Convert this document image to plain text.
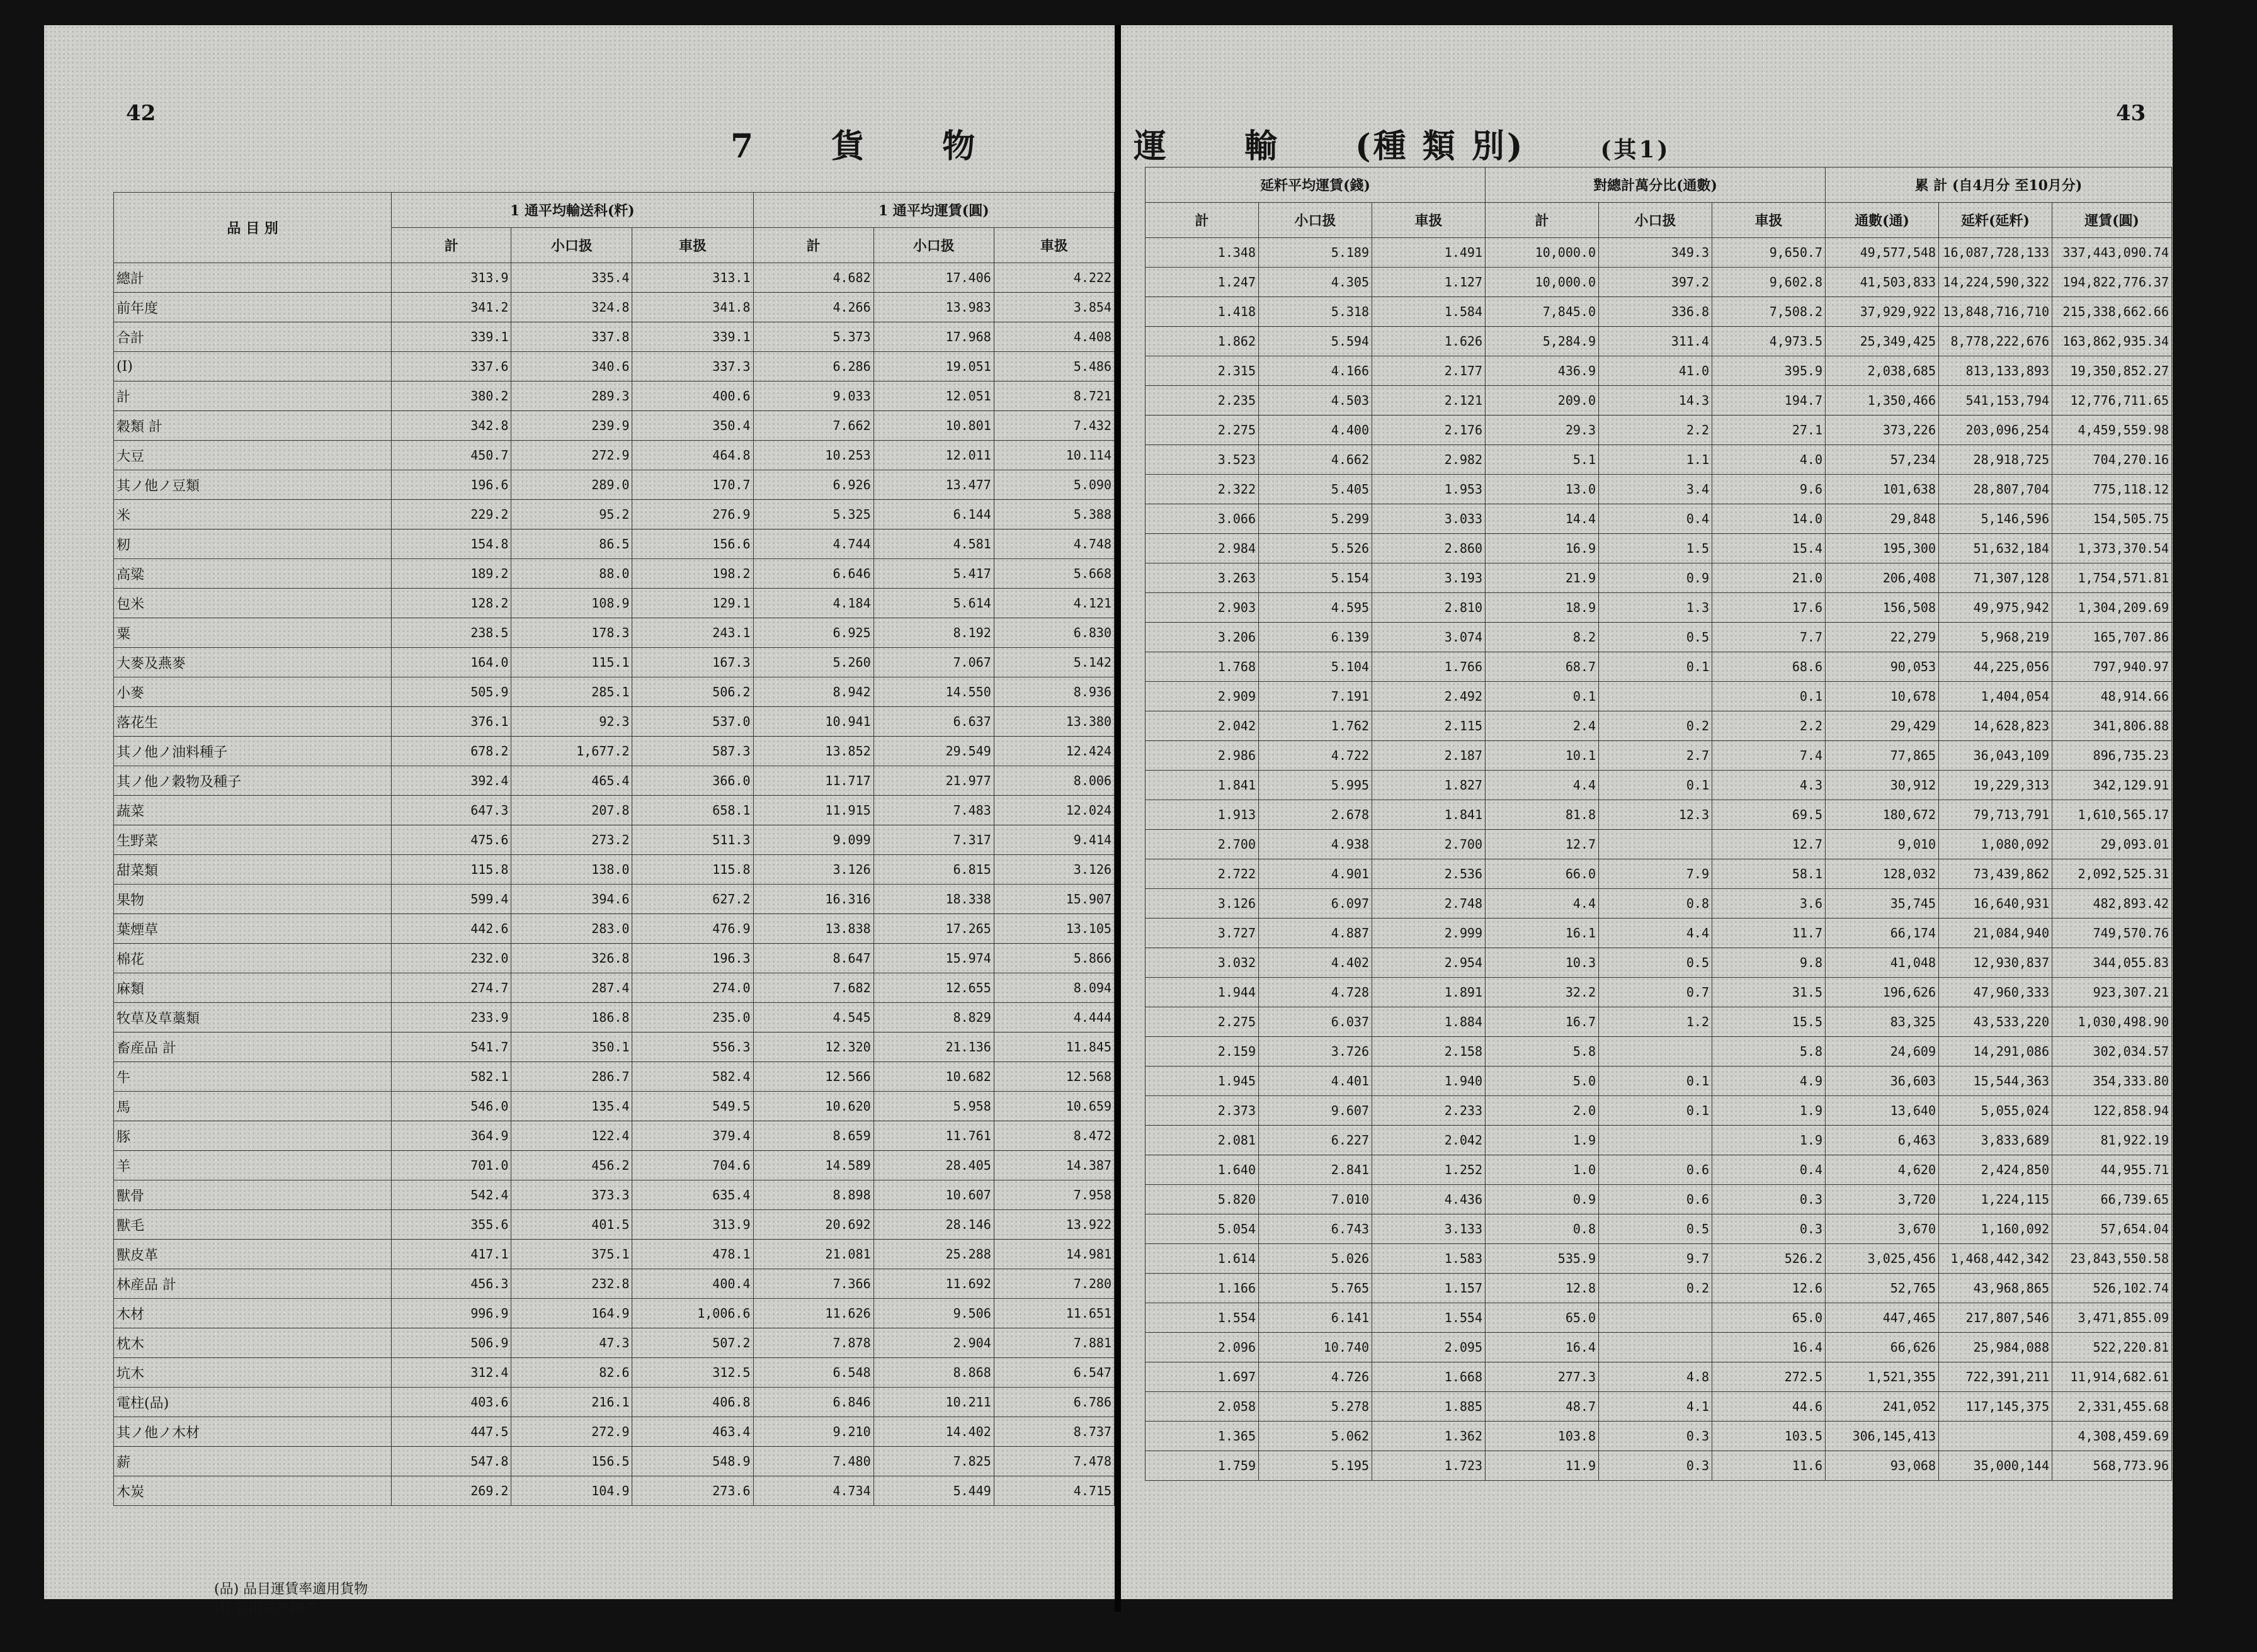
42
7 貨 物
品 目 別	1 通平均輸送科(粁)			1 通平均運賃(圓)		
	計	小口扱	車扱	計	小口扱	車扱
總計	313.9	335.4	313.1	4.682	17.406	4.222
前年度	341.2	324.8	341.8	4.266	13.983	3.854
合計	339.1	337.8	339.1	5.373	17.968	4.408
(I)	337.6	340.6	337.3	6.286	19.051	5.486
計	380.2	289.3	400.6	9.033	12.051	8.721
穀類 計	342.8	239.9	350.4	7.662	10.801	7.432
大豆	450.7	272.9	464.8	10.253	12.011	10.114
其ノ他ノ豆類	196.6	289.0	170.7	6.926	13.477	5.090
米	229.2	95.2	276.9	5.325	6.144	5.388
籾	154.8	86.5	156.6	4.744	4.581	4.748
高粱	189.2	88.0	198.2	6.646	5.417	5.668
包米	128.2	108.9	129.1	4.184	5.614	4.121
粟	238.5	178.3	243.1	6.925	8.192	6.830
大麥及燕麥	164.0	115.1	167.3	5.260	7.067	5.142
小麥	505.9	285.1	506.2	8.942	14.550	8.936
落花生	376.1	92.3	537.0	10.941	6.637	13.380
其ノ他ノ油料種子	678.2	1,677.2	587.3	13.852	29.549	12.424
其ノ他ノ穀物及種子	392.4	465.4	366.0	11.717	21.977	8.006
蔬菜	647.3	207.8	658.1	11.915	7.483	12.024
生野菜	475.6	273.2	511.3	9.099	7.317	9.414
甜菜類	115.8	138.0	115.8	3.126	6.815	3.126
果物	599.4	394.6	627.2	16.316	18.338	15.907
葉煙草	442.6	283.0	476.9	13.838	17.265	13.105
棉花	232.0	326.8	196.3	8.647	15.974	5.866
麻類	274.7	287.4	274.0	7.682	12.655	8.094
牧草及草藁類	233.9	186.8	235.0	4.545	8.829	4.444
畜産品 計	541.7	350.1	556.3	12.320	21.136	11.845
牛	582.1	286.7	582.4	12.566	10.682	12.568
馬	546.0	135.4	549.5	10.620	5.958	10.659
豚	364.9	122.4	379.4	8.659	11.761	8.472
羊	701.0	456.2	704.6	14.589	28.405	14.387
獸骨	542.4	373.3	635.4	8.898	10.607	7.958
獸毛	355.6	401.5	313.9	20.692	28.146	13.922
獸皮革	417.1	375.1	478.1	21.081	25.288	14.981
林産品 計	456.3	232.8	400.4	7.366	11.692	7.280
木材	996.9	164.9	1,006.6	11.626	9.506	11.651
枕木	506.9	47.3	507.2	7.878	2.904	7.881
坑木	312.4	82.6	312.5	6.548	8.868	6.547
電柱(品)	403.6	216.1	406.8	6.846	10.211	6.786
其ノ他ノ木材	447.5	272.9	463.4	9.210	14.402	8.737
薪	547.8	156.5	548.9	7.480	7.825	7.478
木炭	269.2	104.9	273.6	4.734	5.449	4.715
(品) 品目運賃率適用貨物
(I) 官用品ヲ除ク
43
運 輸 (種 類 別)	(其1)
延粁平均運賃(錢)			對總計萬分比(通數)			累 計 (自4月分 至10月分)		
計	小口扱	車扱	計	小口扱	車扱	通數(通)	延粁(延粁)	運賃(圓)
1.348	5.189	1.491	10,000.0	349.3	9,650.7	49,577,548	16,087,728,133	337,443,090.74
1.247	4.305	1.127	10,000.0	397.2	9,602.8	41,503,833	14,224,590,322	194,822,776.37
1.418	5.318	1.584	7,845.0	336.8	7,508.2	37,929,922	13,848,716,710	215,338,662.66
1.862	5.594	1.626	5,284.9	311.4	4,973.5	25,349,425	8,778,222,676	163,862,935.34
2.315	4.166	2.177	436.9	41.0	395.9	2,038,685	813,133,893	19,350,852.27
2.235	4.503	2.121	209.0	14.3	194.7	1,350,466	541,153,794	12,776,711.65
2.275	4.400	2.176	29.3	2.2	27.1	373,226	203,096,254	4,459,559.98
3.523	4.662	2.982	5.1	1.1	4.0	57,234	28,918,725	704,270.16
2.322	5.405	1.953	13.0	3.4	9.6	101,638	28,807,704	775,118.12
3.066	5.299	3.033	14.4	0.4	14.0	29,848	5,146,596	154,505.75
2.984	5.526	2.860	16.9	1.5	15.4	195,300	51,632,184	1,373,370.54
3.263	5.154	3.193	21.9	0.9	21.0	206,408	71,307,128	1,754,571.81
2.903	4.595	2.810	18.9	1.3	17.6	156,508	49,975,942	1,304,209.69
3.206	6.139	3.074	8.2	0.5	7.7	22,279	5,968,219	165,707.86
1.768	5.104	1.766	68.7	0.1	68.6	90,053	44,225,056	797,940.97
2.909	7.191	2.492	0.1		0.1	10,678	1,404,054	48,914.66
2.042	1.762	2.115	2.4	0.2	2.2	29,429	14,628,823	341,806.88
2.986	4.722	2.187	10.1	2.7	7.4	77,865	36,043,109	896,735.23
1.841	5.995	1.827	4.4	0.1	4.3	30,912	19,229,313	342,129.91
1.913	2.678	1.841	81.8	12.3	69.5	180,672	79,713,791	1,610,565.17
2.700	4.938	2.700	12.7		12.7	9,010	1,080,092	29,093.01
2.722	4.901	2.536	66.0	7.9	58.1	128,032	73,439,862	2,092,525.31
3.126	6.097	2.748	4.4	0.8	3.6	35,745	16,640,931	482,893.42
3.727	4.887	2.999	16.1	4.4	11.7	66,174	21,084,940	749,570.76
3.032	4.402	2.954	10.3	0.5	9.8	41,048	12,930,837	344,055.83
1.944	4.728	1.891	32.2	0.7	31.5	196,626	47,960,333	923,307.21
2.275	6.037	1.884	16.7	1.2	15.5	83,325	43,533,220	1,030,498.90
2.159	3.726	2.158	5.8		5.8	24,609	14,291,086	302,034.57
1.945	4.401	1.940	5.0	0.1	4.9	36,603	15,544,363	354,333.80
2.373	9.607	2.233	2.0	0.1	1.9	13,640	5,055,024	122,858.94
2.081	6.227	2.042	1.9		1.9	6,463	3,833,689	81,922.19
1.640	2.841	1.252	1.0	0.6	0.4	4,620	2,424,850	44,955.71
5.820	7.010	4.436	0.9	0.6	0.3	3,720	1,224,115	66,739.65
5.054	6.743	3.133	0.8	0.5	0.3	3,670	1,160,092	57,654.04
1.614	5.026	1.583	535.9	9.7	526.2	3,025,456	1,468,442,342	23,843,550.58
1.166	5.765	1.157	12.8	0.2	12.6	52,765	43,968,865	526,102.74
1.554	6.141	1.554	65.0		65.0	447,465	217,807,546	3,471,855.09
2.096	10.740	2.095	16.4		16.4	66,626	25,984,088	522,220.81
1.697	4.726	1.668	277.3	4.8	272.5	1,521,355	722,391,211	11,914,682.61
2.058	5.278	1.885	48.7	4.1	44.6	241,052	117,145,375	2,331,455.68
1.365	5.062	1.362	103.8	0.3	103.5	306,145,413		4,308,459.69
1.759	5.195	1.723	11.9	0.3	11.6	93,068	35,000,144	568,773.96
